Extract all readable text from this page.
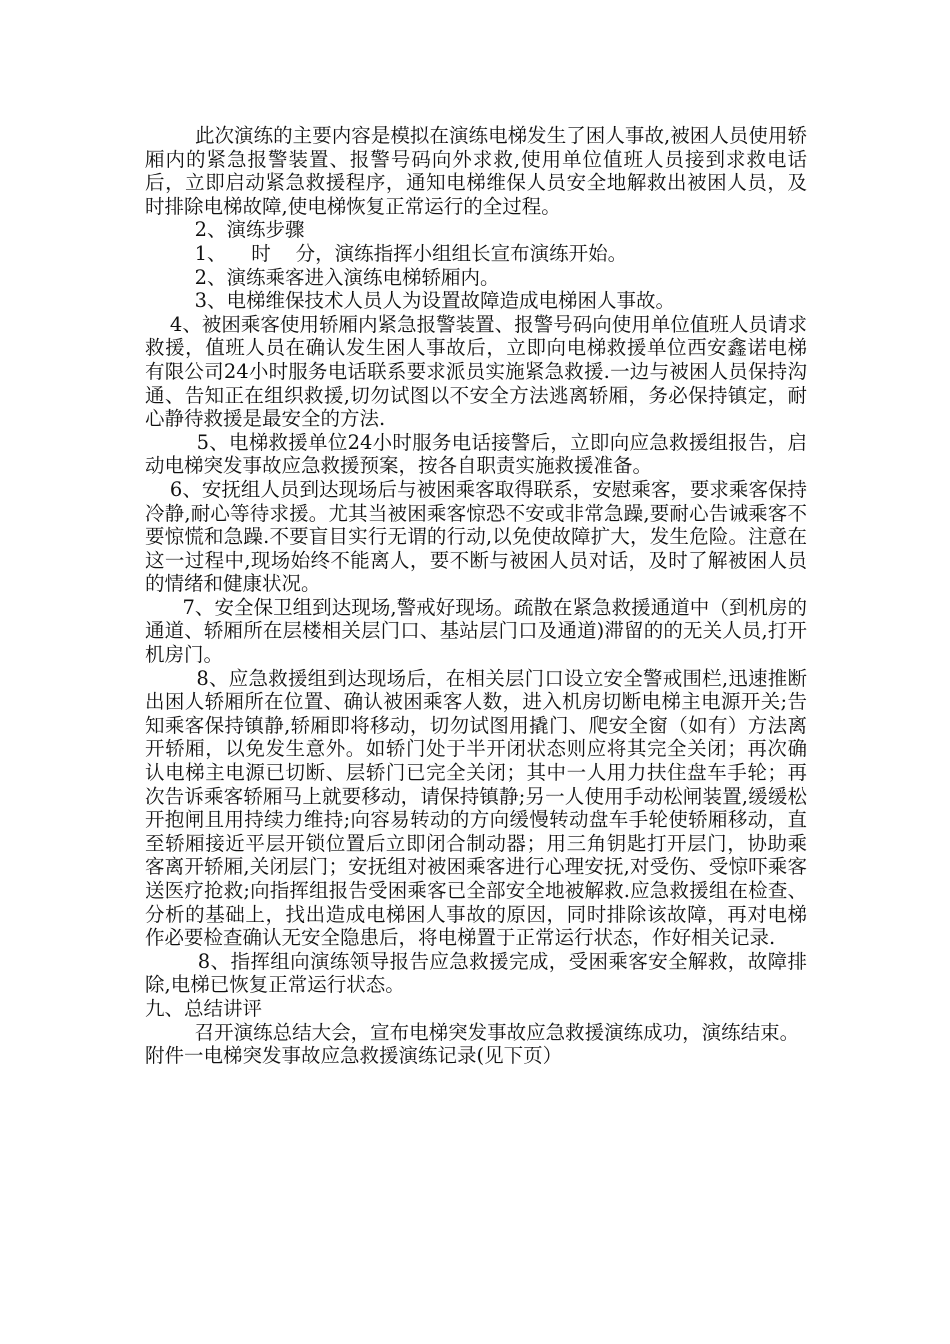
此次演练的主要内容是模拟在演练电梯发生了困人事故,被困人员使用轿厢内的紧急报警装置、报警号码向外求救,使用单位值班人员接到求救电话后，立即启动紧急救援程序，通知电梯维保人员安全地解救出被困人员，及时排除电梯故障,使电梯恢复正常运行的全过程。

2、演练步骤

1、    时    分，演练指挥小组组长宣布演练开始。

2、演练乘客进入演练电梯轿厢内。

3、电梯维保技术人员人为设置故障造成电梯困人事故。

4、被困乘客使用轿厢内紧急报警装置、报警号码向使用单位值班人员请求救援，值班人员在确认发生困人事故后，立即向电梯救援单位西安鑫诺电梯有限公司24小时服务电话联系要求派员实施紧急救援.一边与被困人员保持沟通、告知正在组织救援,切勿试图以不安全方法逃离轿厢，务必保持镇定，耐心静待救援是最安全的方法.

5、电梯救援单位24小时服务电话接警后，立即向应急救援组报告，启动电梯突发事故应急救援预案，按各自职责实施救援准备。

6、安抚组人员到达现场后与被困乘客取得联系，安慰乘客，要求乘客保持冷静,耐心等待求援。尤其当被困乘客惊恐不安或非常急躁,要耐心告诫乘客不要惊慌和急躁.不要盲目实行无谓的行动,以免使故障扩大，发生危险。注意在这一过程中,现场始终不能离人，要不断与被困人员对话，及时了解被困人员的情绪和健康状况。

7、安全保卫组到达现场,警戒好现场。疏散在紧急救援通道中（到机房的通道、轿厢所在层楼相关层门口、基站层门口及通道)滞留的的无关人员,打开机房门。

8、应急救援组到达现场后，在相关层门口设立安全警戒围栏,迅速推断出困人轿厢所在位置、确认被困乘客人数，进入机房切断电梯主电源开关;告知乘客保持镇静,轿厢即将移动，切勿试图用撬门、爬安全窗（如有）方法离开轿厢，以免发生意外。如轿门处于半开闭状态则应将其完全关闭；再次确认电梯主电源已切断、层轿门已完全关闭；其中一人用力扶住盘车手轮；再次告诉乘客轿厢马上就要移动，请保持镇静;另一人使用手动松闸装置,缓缓松开抱闸且用持续力维持;向容易转动的方向缓慢转动盘车手轮使轿厢移动，直至轿厢接近平层开锁位置后立即闭合制动器；用三角钥匙打开层门，协助乘客离开轿厢,关闭层门；安抚组对被困乘客进行心理安抚,对受伤、受惊吓乘客送医疗抢救;向指挥组报告受困乘客已全部安全地被解救.应急救援组在检查、分析的基础上，找出造成电梯困人事故的原因，同时排除该故障，再对电梯作必要检查确认无安全隐患后，将电梯置于正常运行状态，作好相关记录.

8、指挥组向演练领导报告应急救援完成，受困乘客安全解救，故障排除,电梯已恢复正常运行状态。

九、总结讲评

召开演练总结大会，宣布电梯突发事故应急救援演练成功，演练结束。

附件一电梯突发事故应急救援演练记录(见下页）
